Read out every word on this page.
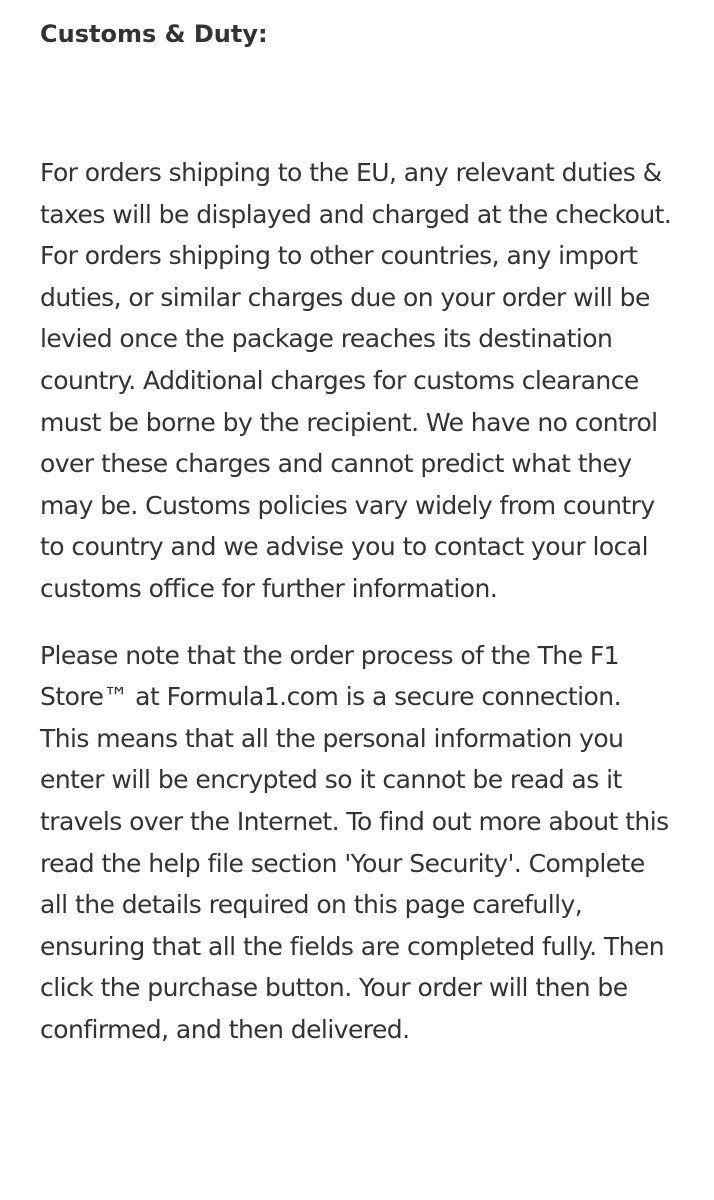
Customs & Duty:

For orders shipping to the EU, any relevant duties & taxes will be displayed and charged at the checkout. For orders shipping to other countries, any import duties, or similar charges due on your order will be levied once the package reaches its destination country. Additional charges for customs clearance must be borne by the recipient. We have no control over these charges and cannot predict what they may be. Customs policies vary widely from country to country and we advise you to contact your local customs office for further information.

Please note that the order process of the The F1 Store™ at Formula1.com is a secure connection. This means that all the personal information you enter will be encrypted so it cannot be read as it travels over the Internet. To find out more about this read the help file section 'Your Security'. Complete all the details required on this page carefully, ensuring that all the fields are completed fully. Then click the purchase button. Your order will then be confirmed, and then delivered.
